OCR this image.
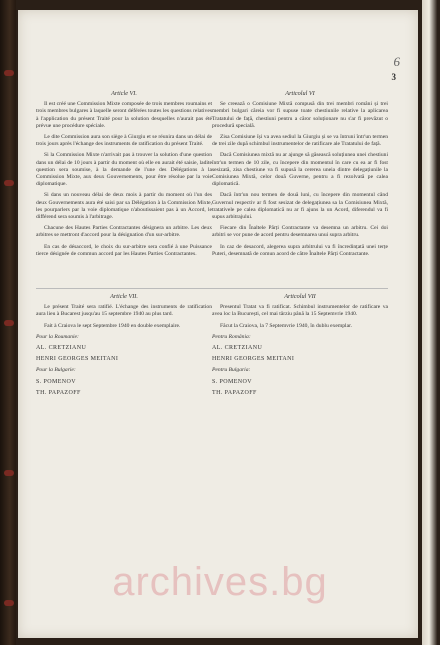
6
3

Article VI.

Il est créé une Commission Mixte composée de trois membres roumains et trois membres bulgares à laquelle seront déférées toutes les questions relatives à l'application du présent Traité pour la solution desquelles n'aurait pas été prévue une procédure spéciale.

Le dite Commission aura son siège à Giurgiu et se réunira dans un délai de trois jours après l'échange des instruments de ratification du présent Traité.

Si la Commission Mixte n'arrivait pas à trouver la solution d'une question dans un délai de 10 jours à partir du moment où elle en aurait été saisie, ladite question sera soumise, à la demande de l'une des Délégations à la Commission Mixte, aux deux Gouvernements, pour être résolue par la voie diplomatique.

Si dans un nouveau délai de deux mois à partir du moment où l'un des deux Gouvernements aura été saisi par sa Délégation à la Commission Mixte, les pourparlers par la voie diplomatique n'aboutissaient pas à un Accord, le différend sera soumis à l'arbitrage.

Chacune des Hautes Parties Contractantes désignera un arbitre. Les deux arbitres se mettront d'accord pour la désignation d'un sur-arbitre.

En cas de désaccord, le choix du sur-arbitre sera confié à une Puissance tierce désignée de commun accord par les Hautes Parties Contractantes.

Articolul VI

Se creează o Comisiune Mixtă compusă din trei membri români și trei membri bulgari căreia vor fi supuse toate chestiunile relative la aplicarea Tratatului de față, chestiuni pentru a căror soluționare nu s'ar fi prevăzut o procedură specială.

Zisa Comisiune își va avea sediul la Giurgiu și se va întruni într'un termen de trei zile după schimbul instrumentelor de ratificare ale Tratatului de față.

Dacă Comisiunea mixtă nu ar ajunge să găsească soluțiunea unei chestiuni într'un termen de 10 zile, cu începere din momentul în care cu ea ar fi fost sesizată, zisa chestiune va fi supusă la cererea uneia dintre delegațiunile la Comisiunea Mixtă, celor două Guverne, pentru a fi rezolvată pe calea diplomatică.

Dacă într'un nou termen de două luni, cu începere din momentul când Guvernul respectiv ar fi fost sesizat de delegațiunea sa la Comisiunea Mixtă, tratativele pe calea diplomatică nu ar fi ajuns la un Acord, diferendul va fi supus arbitrajului.

Fiecare din Înaltele Părți Contractante va desemna un arbitru. Cei doi arbitri se vor pune de acord pentru desemnarea unui supra arbitru.

In caz de desacord, alegerea supra arbitrului va fi încredințată unei terțe Puteri, desemnată de comun acord de către Înaltele Părți Contractante.

Article VII.

Le présent Traité sera ratifié. L'échange des instruments de ratification aura lieu à Bucarest jusqu'au 15 septembre 1940 au plus tard.

Fait à Craiova le sept Septembre 1940 en double exemplaire.

Pour la Roumanie:

AL. CRETZIANU

HENRI GEORGES MEITANI

Pour la Bulgarie:

S. POMENOV

TH. PAPAZOFF

Articolul VII

Presentul Tratat va fi ratificat. Schimbul instrumentelor de ratificare va avea loc la București, cel mai târziu până la 15 Septemvrie 1940.

Făcut la Craiova, la 7 Septemvrie 1940, în dublu exemplar.

Pentru România:

AL. CRETZIANU

HENRI GEORGES MEITANI

Pentru Bulgaria:

S. POMENOV

TH. PAPAZOFF

archives.bg
